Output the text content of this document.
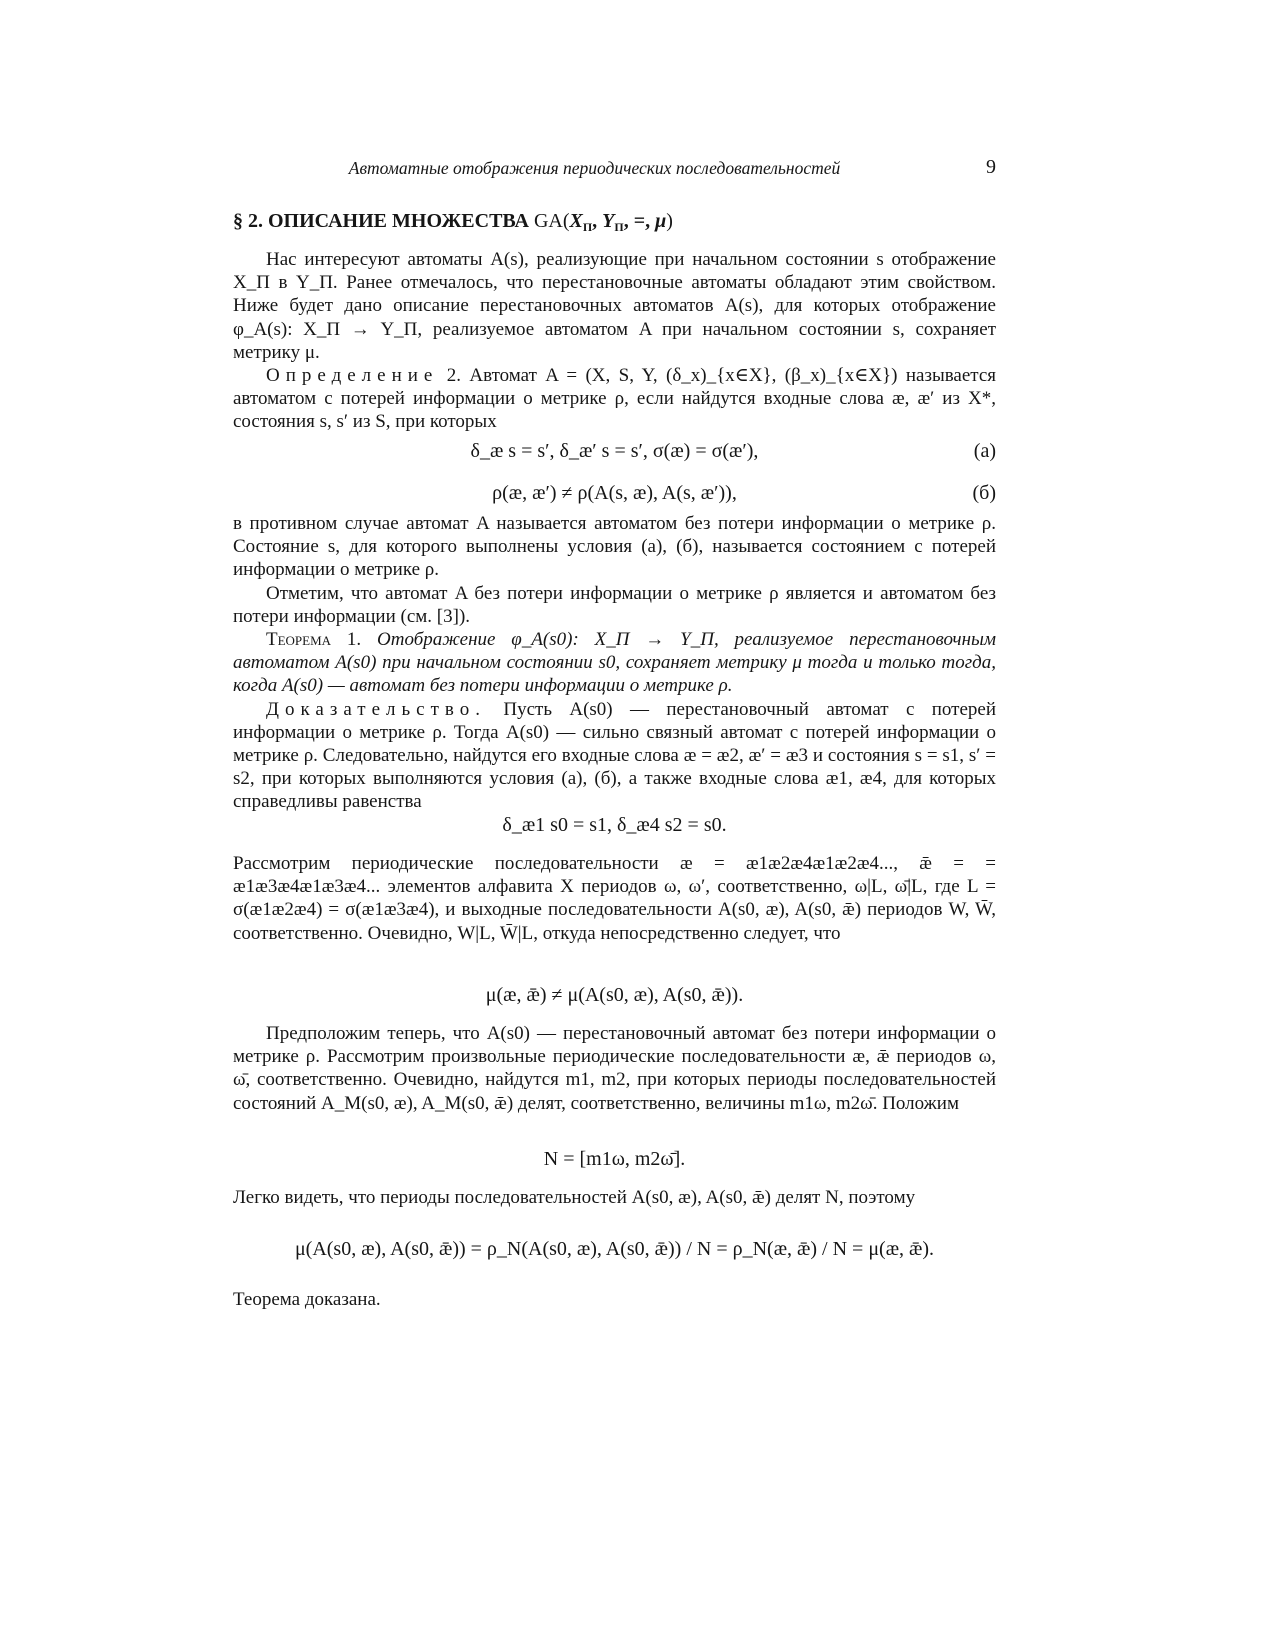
Автоматные отображения периодических последовательностей	9
§ 2. ОПИСАНИЕ МНОЖЕСТВА $GA(X_П$, $Y_П$, =, μ)

Нас интересуют автоматы A(s), реализующие при начальном состоянии s отображение X_П в Y_П. Ранее отмечалось, что перестановочные автоматы обладают этим свойством. Ниже будет дано описание перестановочных автоматов A(s), для которых отображение φ_A(s): X_П → Y_П, реализуемое автоматом A при начальном состоянии s, сохраняет метрику μ.

Определение 2. Автомат A = (X, S, Y, (δ_x)_{x∈X}, (β_x)_{x∈X}) называется автоматом с потерей информации о метрике ρ, если найдутся входные слова æ, æ′ из X*, состояния s, s′ из S, при которых

δ_æ s = s′, δ_æ′ s = s′, σ(æ) = σ(æ′),	(а)
ρ(æ, æ′) ≠ ρ(A(s, æ), A(s, æ′)),	(б)

в противном случае автомат A называется автоматом без потери информации о метрике ρ. Состояние s, для которого выполнены условия (а), (б), называется состоянием с потерей информации о метрике ρ.

Отметим, что автомат A без потери информации о метрике ρ является и автоматом без потери информации (см. [3]).

Теорема 1. Отображение φ_A(s0): X_П → Y_П, реализуемое перестановочным автоматом A(s0) при начальном состоянии s0, сохраняет метрику μ тогда и только тогда, когда A(s0) — автомат без потери информации о метрике ρ.

Доказательство. Пусть A(s0) — перестановочный автомат с потерей информации о метрике ρ. Тогда A(s0) — сильно связный автомат с потерей информации о метрике ρ. Следовательно, найдутся его входные слова æ = æ2, æ′ = æ3 и состояния s = s1, s′ = s2, при которых выполняются условия (а), (б), а также входные слова æ1, æ4, для которых справедливы равенства

δ_æ1 s0 = s1, δ_æ4 s2 = s0.

Рассмотрим периодические последовательности æ = æ1æ2æ4æ1æ2æ4..., ǣ = = æ1æ3æ4æ1æ3æ4... элементов алфавита X периодов ω, ω′, соответственно, ω|L, ω̄|L, где L = σ(æ1æ2æ4) = σ(æ1æ3æ4), и выходные последовательности A(s0, æ), A(s0, ǣ) периодов W, W̄, соответственно. Очевидно, W|L, W̄|L, откуда непосредственно следует, что

μ(æ, ǣ) ≠ μ(A(s0, æ), A(s0, ǣ)).

Предположим теперь, что A(s0) — перестановочный автомат без потери информации о метрике ρ. Рассмотрим произвольные периодические последовательности æ, ǣ периодов ω, ω̄, соответственно. Очевидно, найдутся m1, m2, при которых периоды последовательностей состояний A_M(s0, æ), A_M(s0, ǣ) делят, соответственно, величины m1ω, m2ω̄. Положим

N = [m1ω, m2ω̄].

Легко видеть, что периоды последовательностей A(s0, æ), A(s0, ǣ) делят N, поэтому

μ(A(s0, æ), A(s0, ǣ)) = ρ_N(A(s0, æ), A(s0, ǣ)) / N = ρ_N(æ, ǣ) / N = μ(æ, ǣ).

Теорема доказана.
